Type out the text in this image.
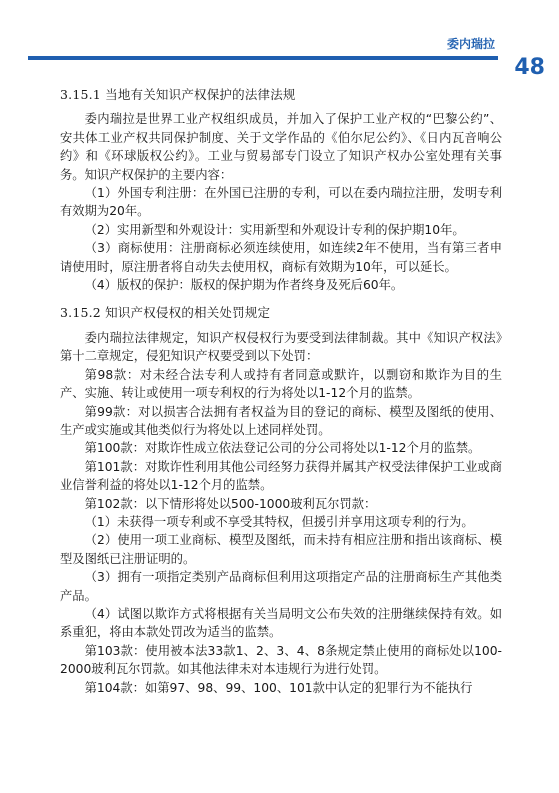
委内瑞拉
48
3.15.1 当地有关知识产权保护的法律法规

委内瑞拉是世界工业产权组织成员，并加入了保护工业产权的“巴黎公约”、安共体工业产权共同保护制度、关于文学作品的《伯尔尼公约》、《日内瓦音响公约》和《环球版权公约》。工业与贸易部专门设立了知识产权办公室处理有关事务。知识产权保护的主要内容：

（1）外国专利注册：在外国已注册的专利，可以在委内瑞拉注册，发明专利有效期为20年。

（2）实用新型和外观设计：实用新型和外观设计专利的保护期10年。

（3）商标使用：注册商标必须连续使用，如连续2年不使用，当有第三者申请使用时，原注册者将自动失去使用权，商标有效期为10年，可以延长。

（4）版权的保护：版权的保护期为作者终身及死后60年。

3.15.2 知识产权侵权的相关处罚规定

委内瑞拉法律规定，知识产权侵权行为要受到法律制裁。其中《知识产权法》第十二章规定，侵犯知识产权要受到以下处罚：

第98款：对未经合法专利人或持有者同意或默许，以剽窃和欺诈为目的生产、实施、转让或使用一项专利权的行为将处以1-12个月的监禁。

第99款：对以损害合法拥有者权益为目的登记的商标、模型及图纸的使用、生产或实施或其他类似行为将处以上述同样处罚。

第100款：对欺诈性成立依法登记公司的分公司将处以1-12个月的监禁。

第101款：对欺诈性利用其他公司经努力获得并属其产权受法律保护工业或商业信誉利益的将处以1-12个月的监禁。

第102款：以下情形将处以500-1000玻利瓦尔罚款：

（1）未获得一项专利或不享受其特权，但援引并享用这项专利的行为。

（2）使用一项工业商标、模型及图纸，而未持有相应注册和指出该商标、模型及图纸已注册证明的。

（3）拥有一项指定类别产品商标但利用这项指定产品的注册商标生产其他类产品。

（4）试图以欺诈方式将根据有关当局明文公布失效的注册继续保持有效。如系重犯，将由本款处罚改为适当的监禁。

第103款：使用被本法33款1、2、3、4、8条规定禁止使用的商标处以100-2000玻利瓦尔罚款。如其他法律未对本违规行为进行处罚。

第104款：如第97、98、99、100、101款中认定的犯罪行为不能执行
